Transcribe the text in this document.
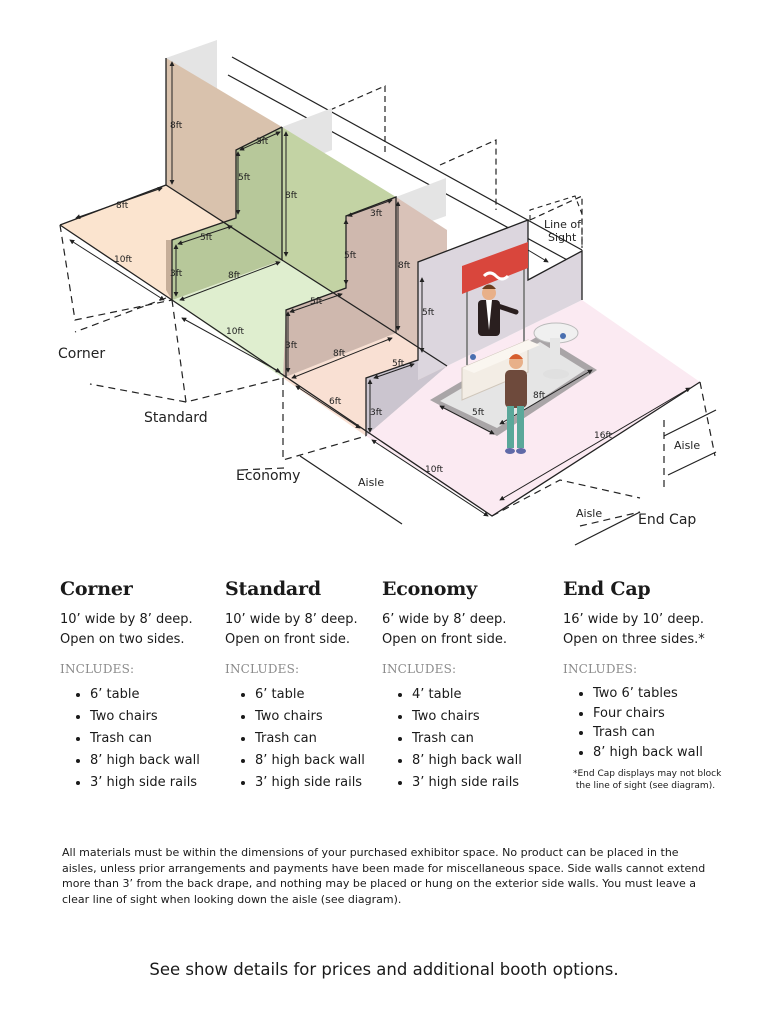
8ft
8ft
10ft
3ft
5ft
3ft
5ft
8ft
8ft
10ft
3ft
5ft
3ft
5ft
8ft
8ft
6ft
3ft
5ft
5ft
10ft
16ft
5ft
8ft
Corner
Standard
Economy
End Cap
Aisle
Aisle
Aisle
Line of
Sight
Corner

10’ wide by 8’ deep.

Open on two sides.

INCLUDES:

• 6’ table
• Two chairs
• Trash can
• 8’ high back wall
• 3’ high side rails
Standard

10’ wide by 8’ deep.

Open on front side.

INCLUDES:

• 6’ table
• Two chairs
• Trash can
• 8’ high back wall
• 3’ high side rails
Economy

6’ wide by 8’ deep.

Open on front side.

INCLUDES:

• 4’ table
• Two chairs
• Trash can
• 8’ high back wall
• 3’ high side rails
End Cap

16’ wide by 10’ deep.

Open on three sides.*

INCLUDES:

• Two 6’ tables
• Four chairs
• Trash can
• 8’ high back wall

*End Cap displays may not block
the line of sight (see diagram).

All materials must be within the dimensions of your purchased exhibitor space. No product can be placed in the aisles, unless prior arrangements and payments have been made for miscellaneous space. Side walls cannot extend more than 3’ from the back drape, and nothing may be placed or hung on the exterior side walls. You must leave a clear line of sight when looking down the aisle (see diagram).

See show details for prices and additional booth options.
